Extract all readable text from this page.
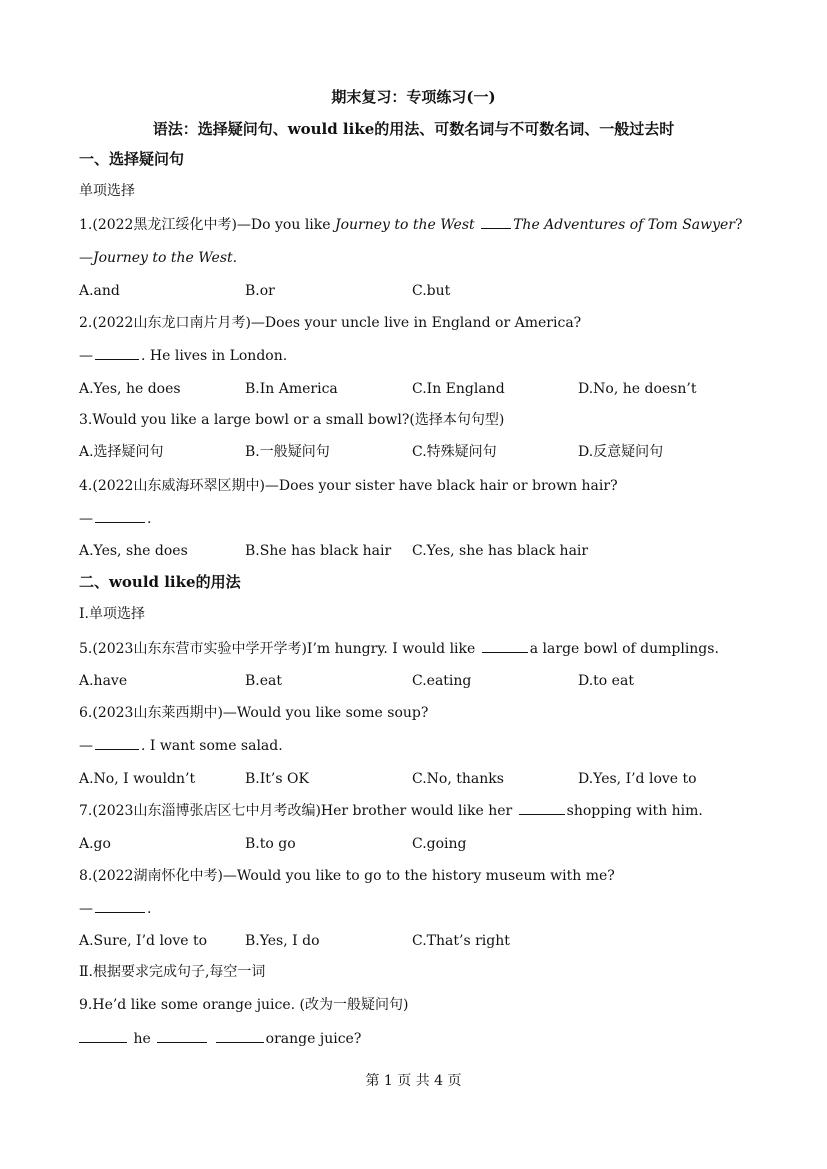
期末复习：专项练习(一)
语法：选择疑问句、would like的用法、可数名词与不可数名词、一般过去时
一、选择疑问句
单项选择
1.(2022黑龙江绥化中考)—Do you like Journey to the West	The Adventures of Tom Sawyer?
—Journey to the West.
A.and	B.or	C.but
2.(2022山东龙口南片月考)—Does your uncle live in England or America?
—	. He lives in London.
A.Yes, he does	B.In America	C.In England	D.No, he doesn’t
3.Would you like a large bowl or a small bowl?(选择本句句型)
A.选择疑问句	B.一般疑问句	C.特殊疑问句	D.反意疑问句
4.(2022山东威海环翠区期中)—Does your sister have black hair or brown hair?
—	.
A.Yes, she does	B.She has black hair C.Yes, she has black hair
二、would like的用法
Ⅰ.单项选择
5.(2023山东东营市实验中学开学考)I’m hungry. I would like	a large bowl of dumplings.
A.have	B.eat	C.eating	D.to eat
6.(2023山东莱西期中)—Would you like some soup?
—	. I want some salad.
A.No, I wouldn’t	B.It’s OK	C.No, thanks	D.Yes, I’d love to
7.(2023山东淄博张店区七中月考改编)Her brother would like her	shopping with him.
A.go	B.to go	C.going
8.(2022湖南怀化中考)—Would you like to go to the history museum with me?
—	.
A.Sure, I’d love to	B.Yes, I do	C.That’s right
Ⅱ.根据要求完成句子,每空一词
9.He’d like some orange juice. (改为一般疑问句)
he	orange juice?
第 1 页 共 4 页
